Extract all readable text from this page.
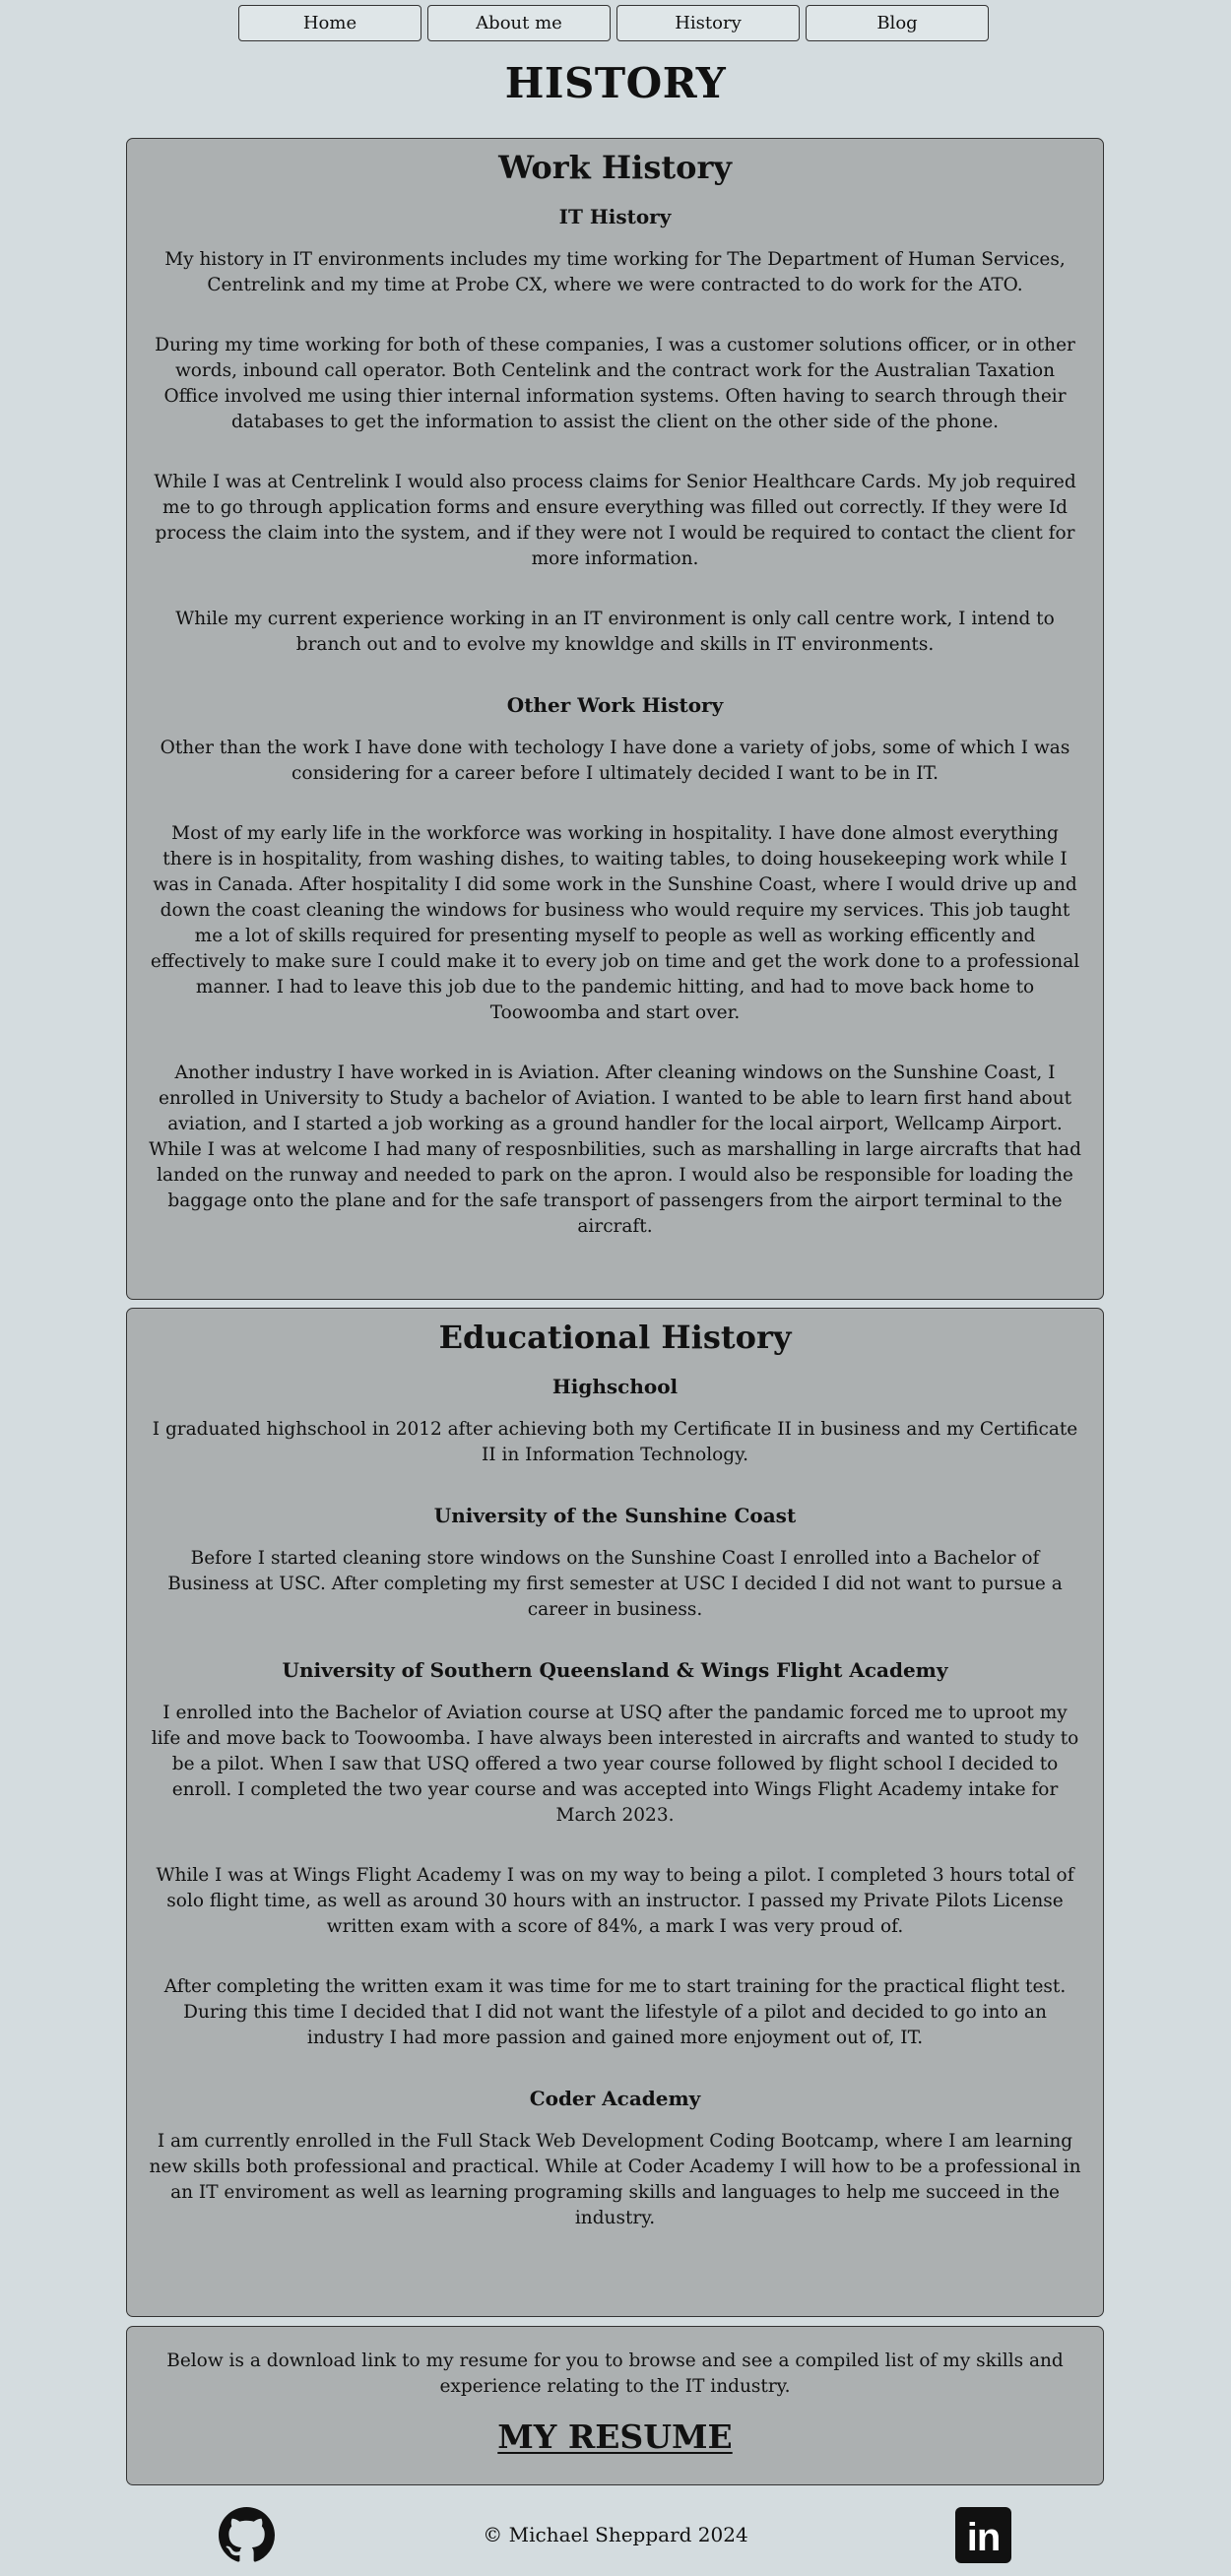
Home	About me	History	Blog
HISTORY
Work History
IT History

My history in IT environments includes my time working for The Department of Human Services, Centrelink and my time at Probe CX, where we were contracted to do work for the ATO.

During my time working for both of these companies, I was a customer solutions officer, or in other words, inbound call operator. Both Centelink and the contract work for the Australian Taxation Office involved me using thier internal information systems. Often having to search through their databases to get the information to assist the client on the other side of the phone.

While I was at Centrelink I would also process claims for Senior Healthcare Cards. My job required me to go through application forms and ensure everything was filled out correctly. If they were Id process the claim into the system, and if they were not I would be required to contact the client for more information.

While my current experience working in an IT environment is only call centre work, I intend to branch out and to evolve my knowldge and skills in IT environments.

Other Work History

Other than the work I have done with techology I have done a variety of jobs, some of which I was considering for a career before I ultimately decided I want to be in IT.

Most of my early life in the workforce was working in hospitality. I have done almost everything there is in hospitality, from washing dishes, to waiting tables, to doing housekeeping work while I was in Canada. After hospitality I did some work in the Sunshine Coast, where I would drive up and down the coast cleaning the windows for business who would require my services. This job taught me a lot of skills required for presenting myself to people as well as working efficently and effectively to make sure I could make it to every job on time and get the work done to a professional manner. I had to leave this job due to the pandemic hitting, and had to move back home to Toowoomba and start over.

Another industry I have worked in is Aviation. After cleaning windows on the Sunshine Coast, I enrolled in University to Study a bachelor of Aviation. I wanted to be able to learn first hand about aviation, and I started a job working as a ground handler for the local airport, Wellcamp Airport. While I was at welcome I had many of resposnbilities, such as marshalling in large aircrafts that had landed on the runway and needed to park on the apron. I would also be responsible for loading the baggage onto the plane and for the safe transport of passengers from the airport terminal to the aircraft.

Educational History
Highschool

I graduated highschool in 2012 after achieving both my Certificate II in business and my Certificate II in Information Technology.

University of the Sunshine Coast

Before I started cleaning store windows on the Sunshine Coast I enrolled into a Bachelor of Business at USC. After completing my first semester at USC I decided I did not want to pursue a career in business.

University of Southern Queensland & Wings Flight Academy

I enrolled into the Bachelor of Aviation course at USQ after the pandamic forced me to uproot my life and move back to Toowoomba. I have always been interested in aircrafts and wanted to study to be a pilot. When I saw that USQ offered a two year course followed by flight school I decided to enroll. I completed the two year course and was accepted into Wings Flight Academy intake for March 2023.

While I was at Wings Flight Academy I was on my way to being a pilot. I completed 3 hours total of solo flight time, as well as around 30 hours with an instructor. I passed my Private Pilots License written exam with a score of 84%, a mark I was very proud of.

After completing the written exam it was time for me to start training for the practical flight test. During this time I decided that I did not want the lifestyle of a pilot and decided to go into an industry I had more passion and gained more enjoyment out of, IT.

Coder Academy

I am currently enrolled in the Full Stack Web Development Coding Bootcamp, where I am learning new skills both professional and practical. While at Coder Academy I will how to be a professional in an IT enviroment as well as learning programing skills and languages to help me succeed in the industry.

Below is a download link to my resume for you to browse and see a compiled list of my skills and experience relating to the IT industry.

MY RESUME
© Michael Sheppard 2024	in
